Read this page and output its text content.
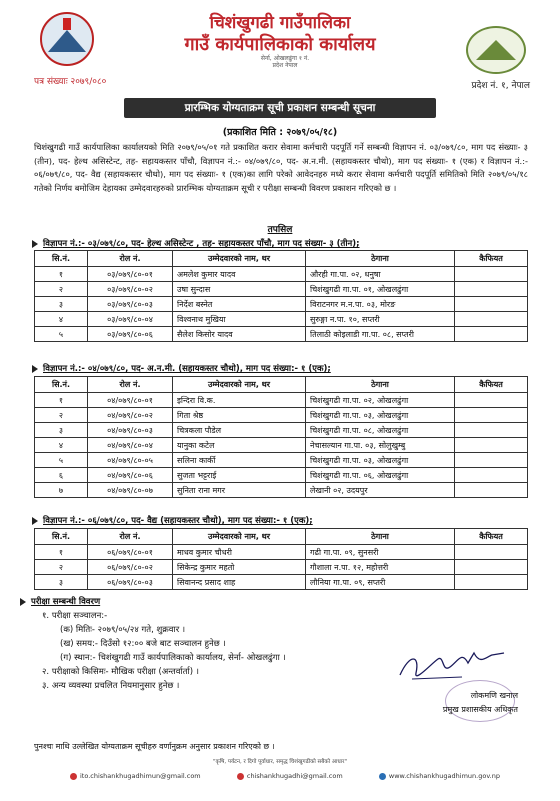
चिशंखुगढी गाउँपालिका
गाउँ कार्यपालिकाको कार्यालय
सेर्ना, ओखलढुंगा १ नं. प्रदेश नेपाल
पत्र संख्याः २०७९/०८०	प्रदेश नं. १, नेपाल
प्रारम्भिक योग्यताक्रम सूची प्रकाशन सम्बन्धी सूचना
(प्रकाशित मिति : २०७९/०५/१८)
चिशंखुगढी गाउँ कार्यपालिका कार्यालयको मिति २०७९/०५/०१ गते प्रकाशित करार सेवामा कर्मचारी पदपूर्ति गर्ने सम्बन्धी विज्ञापन नं. ०३/०७९/८०, माग पद संख्याः- ३ (तीन), पद- हेल्थ असिस्टेन्ट, तह- सहायकस्तर पाँचौ, विज्ञापन नं.:- ०४/०७९/८०, पद- अ.न.मी. (सहायकस्तर चौथो), माग पद संख्याः- १ (एक) र विज्ञापन नं.:- ०६/०७९/८०, पद- वैद्य (सहायकस्तर चौथो), माग पद संख्याः- १ (एक)का लागि परेको आवेदनहरु मध्ये करार सेवामा कर्मचारी पदपूर्ति समितिको मिति २०७९/०५/१८ गतेको निर्णय बमोजिम देहायका उम्मेदवारहरुको प्रारम्भिक योग्यताक्रम सूची र परीक्षा सम्बन्धी विवरण प्रकाशन गरिएको छ ।
तपसिल
विज्ञापन नं.:- ०३/०७९/८०, पद- हेल्थ असिस्टेन्ट , तह- सहायकस्तर पाँचौ, माग पद संख्या- ३ (तीन);
सि.नं.	रोल नं.	उम्मेदवारको नाम, थर	ठेगाना	कैफियत
१	०३/०७९/८०-०१	अमलेश कुमार यादव	औरही गा.पा. ०२, धनुषा	
२	०३/०७९/८०-०२	उषा सुन्दास	चिशंखुगढी गा.पा. ०१, ओखलढुंगा	
३	०३/०७९/८०-०३	निर्देश बस्नेत	विराटनगर म.न.पा. ०३, मोरङ	
४	०३/०७९/८०-०४	विश्वनाथ मुखिया	सुरुङ्गा न.पा. १०, सप्तरी	
५	०३/०७९/८०-०६	सैलेश किसोर यादव	तिलाठी कोइलाडी गा.पा. ०८, सप्तरी	
विज्ञापन नं.:- ०४/०७९/८०, पद- अ.न.मी. (सहायकस्तर चौथो), माग पद संख्या:- १ (एक);
सि.नं.	रोल नं.	उम्मेदवारको नाम, थर	ठेगाना	कैफियत
१	०४/०७९/८०-०१	इन्दिरा वि.क.	चिशंखुगढी गा.पा. ०२, ओखलढुंगा	
२	०४/०७९/८०-०२	गिता श्रेष्ठ	चिशंखुगढी गा.पा. ०३, ओखलढुंगा	
३	०४/०७९/८०-०३	चित्रकला पौडेल	चिशंखुगढी गा.पा. ०८, ओखलढुंगा	
४	०४/०७९/८०-०४	यानुका कटेल	नेचासल्यान गा.पा. ०३, सोलुखुम्बु	
५	०४/०७९/८०-०५	सलिना कार्की	चिशंखुगढी गा.पा. ०३, ओखलढुंगा	
६	०४/०७९/८०-०६	सुजता भट्टराई	चिशंखुगढी गा.पा. ०६, ओखलढुंगा	
७	०४/०७९/८०-०७	सुनिता राना मगर	लेखानी ०२, उदयपुर	
विज्ञापन नं.:- ०६/०७९/८०, पद- वैद्य (सहायकस्तर चौथो), माग पद संख्या:- १ (एक);
सि.नं.	रोल नं.	उम्मेदवारको नाम, थर	ठेगाना	कैफियत
१	०६/०७९/८०-०१	माधव कुमार चौधरी	गढी गा.पा. ०९, सुनसरी	
२	०६/०७९/८०-०२	सिकेन्द्र कुमार महतो	गौशाला न.पा. १२, महोत्तरी	
३	०६/०७९/८०-०३	सिवानन्द प्रसाद शाह	लौनिया गा.पा. ०९, सप्तरी	
परीक्षा सम्बन्धी विवरण
१. परीक्षा सञ्चालन:-
(क) मितिः- २०७९/०५/२४ गते, शुक्रवार ।
(ख) समय:- दिउँसो १२:०० बजे बाट सञ्चालन हुनेछ ।
(ग) स्थान:- चिशंखुगढी गाउँ कार्यपालिकाको कार्यालय, सेर्ना- ओखलढुंगा ।
२. परीक्षाको किसिमः- मौखिक परीक्षा (अन्तर्वार्ता) ।
३. अन्य व्यवस्था प्रचलित नियमानुसार हुनेछ ।
लोकमणि खनाल
प्रमुख प्रशासकीय अधिकृत
पुनश्चः माथि उल्लेखित योग्यताक्रम सूचीहरु वर्णानुक्रम अनुसार प्रकाशन गरिएको छ ।
"कृषि, पर्यटन, र दिगो पूर्वाधार, समृद्ध चिशंखुगढीको सबैको आधार"
ito.chishankhugadhimun@gmail.com	chishankhugadhi@gmail.com	www.chishankhugadhimun.gov.np
